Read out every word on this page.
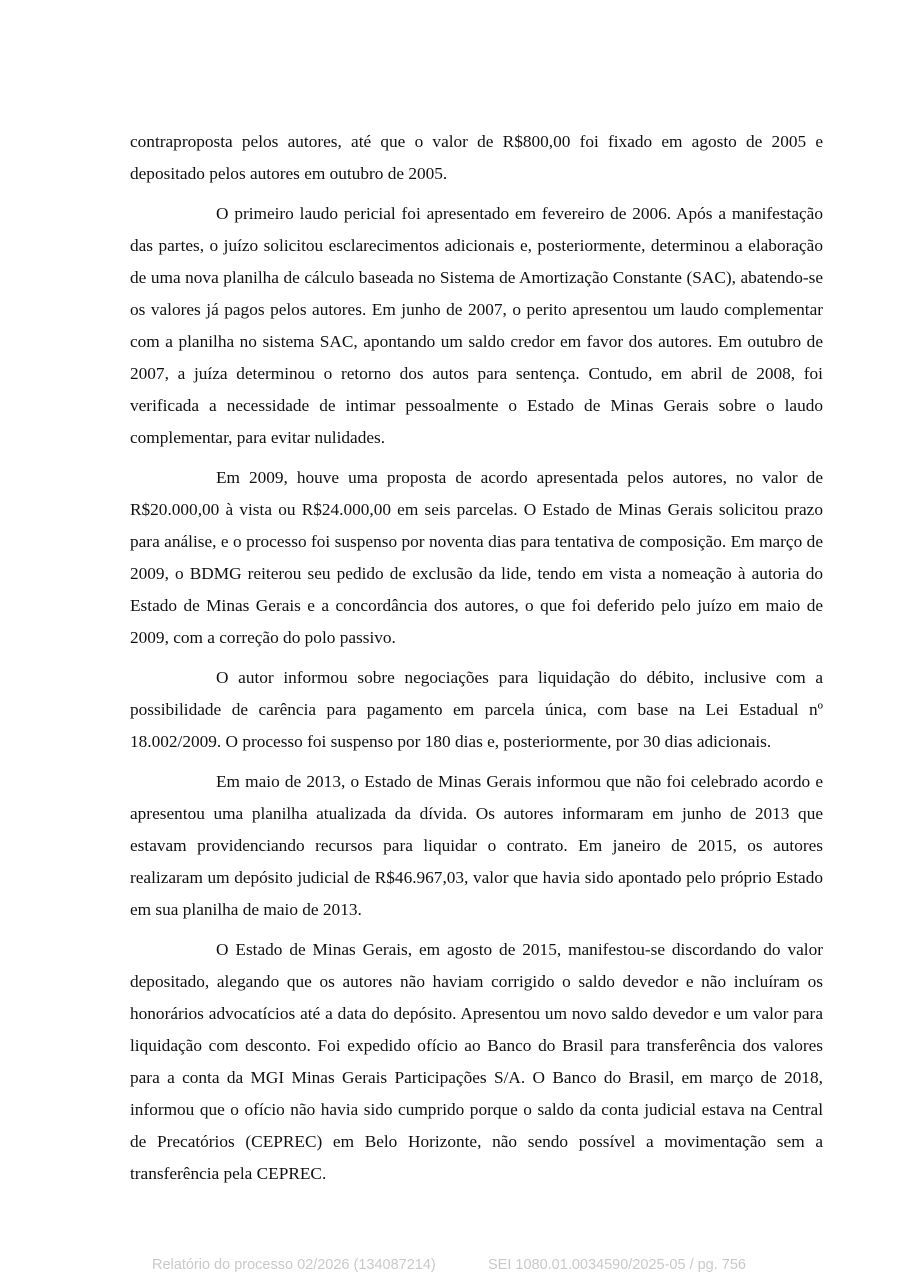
contraproposta pelos autores, até que o valor de R$800,00 foi fixado em agosto de 2005 e depositado pelos autores em outubro de 2005.

O primeiro laudo pericial foi apresentado em fevereiro de 2006. Após a manifestação das partes, o juízo solicitou esclarecimentos adicionais e, posteriormente, determinou a elaboração de uma nova planilha de cálculo baseada no Sistema de Amortização Constante (SAC), abatendo-se os valores já pagos pelos autores. Em junho de 2007, o perito apresentou um laudo complementar com a planilha no sistema SAC, apontando um saldo credor em favor dos autores. Em outubro de 2007, a juíza determinou o retorno dos autos para sentença. Contudo, em abril de 2008, foi verificada a necessidade de intimar pessoalmente o Estado de Minas Gerais sobre o laudo complementar, para evitar nulidades.

Em 2009, houve uma proposta de acordo apresentada pelos autores, no valor de R$20.000,00 à vista ou R$24.000,00 em seis parcelas. O Estado de Minas Gerais solicitou prazo para análise, e o processo foi suspenso por noventa dias para tentativa de composição. Em março de 2009, o BDMG reiterou seu pedido de exclusão da lide, tendo em vista a nomeação à autoria do Estado de Minas Gerais e a concordância dos autores, o que foi deferido pelo juízo em maio de 2009, com a correção do polo passivo.

O autor informou sobre negociações para liquidação do débito, inclusive com a possibilidade de carência para pagamento em parcela única, com base na Lei Estadual nº 18.002/2009. O processo foi suspenso por 180 dias e, posteriormente, por 30 dias adicionais.

Em maio de 2013, o Estado de Minas Gerais informou que não foi celebrado acordo e apresentou uma planilha atualizada da dívida. Os autores informaram em junho de 2013 que estavam providenciando recursos para liquidar o contrato. Em janeiro de 2015, os autores realizaram um depósito judicial de R$46.967,03, valor que havia sido apontado pelo próprio Estado em sua planilha de maio de 2013.

O Estado de Minas Gerais, em agosto de 2015, manifestou-se discordando do valor depositado, alegando que os autores não haviam corrigido o saldo devedor e não incluíram os honorários advocatícios até a data do depósito. Apresentou um novo saldo devedor e um valor para liquidação com desconto. Foi expedido ofício ao Banco do Brasil para transferência dos valores para a conta da MGI Minas Gerais Participações S/A. O Banco do Brasil, em março de 2018, informou que o ofício não havia sido cumprido porque o saldo da conta judicial estava na Central de Precatórios (CEPREC) em Belo Horizonte, não sendo possível a movimentação sem a transferência pela CEPREC.

Relatório do processo 02/2026 (134087214)	SEI 1080.01.0034590/2025-05 / pg. 756
